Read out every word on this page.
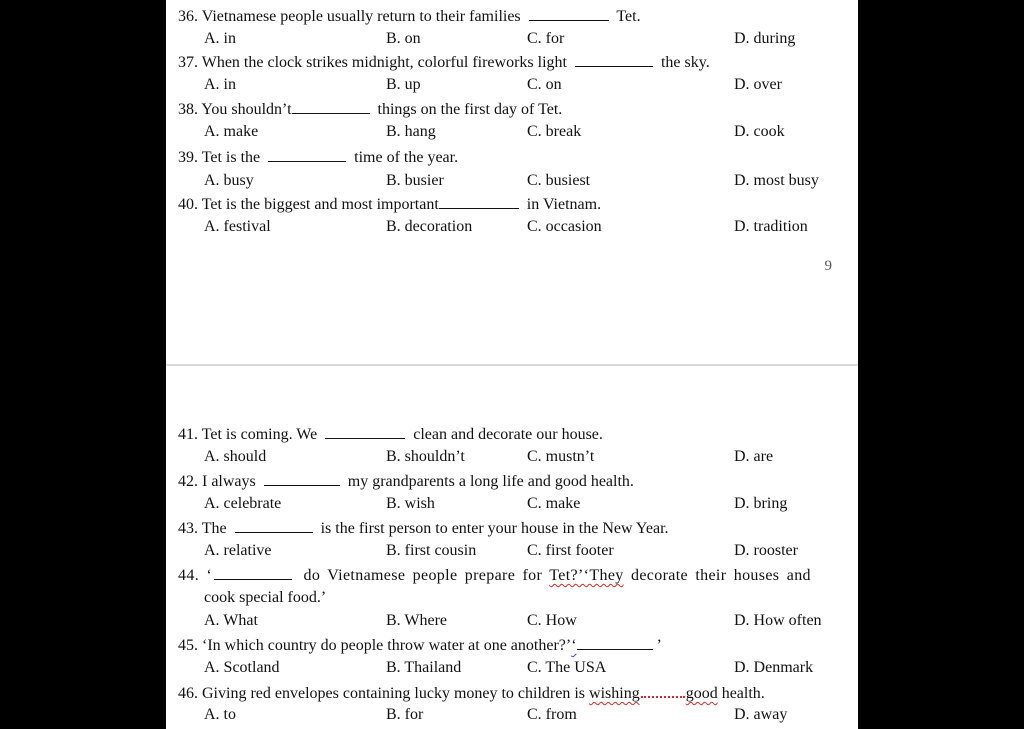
36. Vietnamese people usually return to their families	Tet.
A. in	B. on	C. for	D. during
37. When the clock strikes midnight, colorful fireworks light	the sky.
A. in	B. up	C. on	D. over
38. You shouldn’t	things on the first day of Tet.
A. make	B. hang	C. break	D. cook
39. Tet is the	time of the year.
A. busy	B. busier	C. busiest	D. most busy
40. Tet is the biggest and most important	in Vietnam.
A. festival	B. decoration	C. occasion	D. tradition
9
41. Tet is coming. We	clean and decorate our house.
A. should	B. shouldn’t	C. mustn’t	D. are
42. I always	my grandparents a long life and good health.
A. celebrate	B. wish	C. make	D. bring
43. The	is the first person to enter your house in the New Year.
A. relative	B. first cousin	C. first footer	D. rooster
44. ‘	do Vietnamese people prepare for Tet?’‘They decorate their houses and
cook special food.’
A. What	B. Where	C. How	D. How often
45. ‘In which country do people throw water at one another?’‘	’
A. Scotland	B. Thailand	C. The USA	D. Denmark
46. Giving red envelopes containing lucky money to children is wishing	good health.
A. to	B. for	C. from	D. away
